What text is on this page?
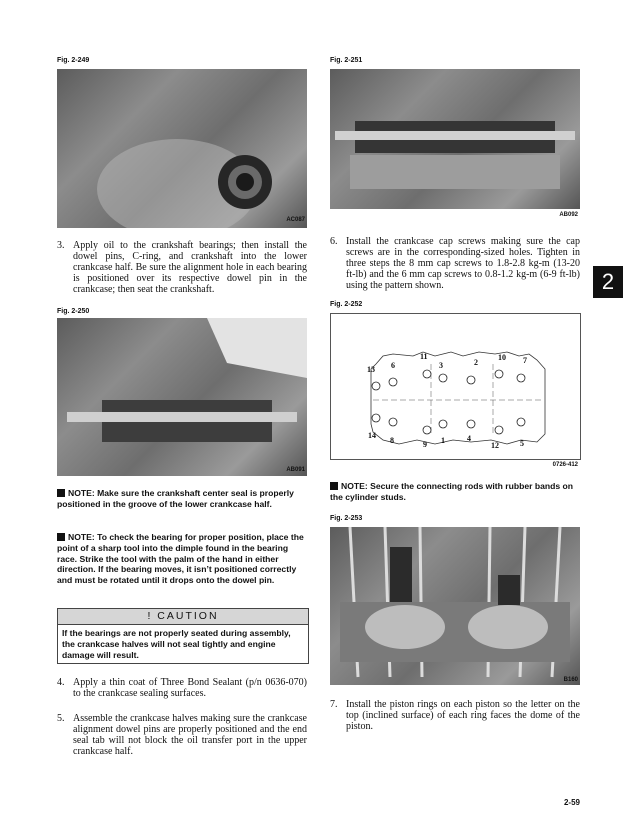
Fig. 2-249
AC087
3. Apply oil to the crankshaft bearings; then install the dowel pins, C-ring, and crankshaft into the lower crankcase half. Be sure the alignment hole in each bearing is positioned over its respective dowel pin in the crankcase; then seat the crankshaft.
Fig. 2-250
AB091
NOTE: Make sure the crankshaft center seal is properly positioned in the groove of the lower crankcase half.
NOTE: To check the bearing for proper position, place the point of a sharp tool into the dimple found in the bearing race. Strike the tool with the palm of the hand in either direction. If the bearing moves, it isn’t positioned correctly and must be rotated until it drops onto the dowel pin.
! CAUTION
If the bearings are not properly seated during assembly, the crankcase halves will not seal tightly and engine damage will result.
4. Apply a thin coat of Three Bond Sealant (p/n 0636-070) to the crankcase sealing surfaces.
5. Assemble the crankcase halves making sure the crankcase alignment dowel pins are properly positioned and the end seal tab will not block the oil transfer port in the upper crankcase half.
Fig. 2-251
AB092
6. Install the crankcase cap screws making sure the cap screws are in the corresponding-sized holes. Tighten in three steps the 8 mm cap screws to 1.8-2.8 kg-m (13-20 ft-lb) and the 6 mm cap screws to 0.8-1.2 kg-m (6-9 ft-lb) using the pattern shown.	2
Fig. 2-252
13 6
11
3	2
10 7
14
8	9 1	4
12	5
0726-412
NOTE: Secure the connecting rods with rubber bands on the cylinder studs.
Fig. 2-253
B160
7. Install the piston rings on each piston so the letter on the top (inclined surface) of each ring faces the dome of the piston.
2-59
